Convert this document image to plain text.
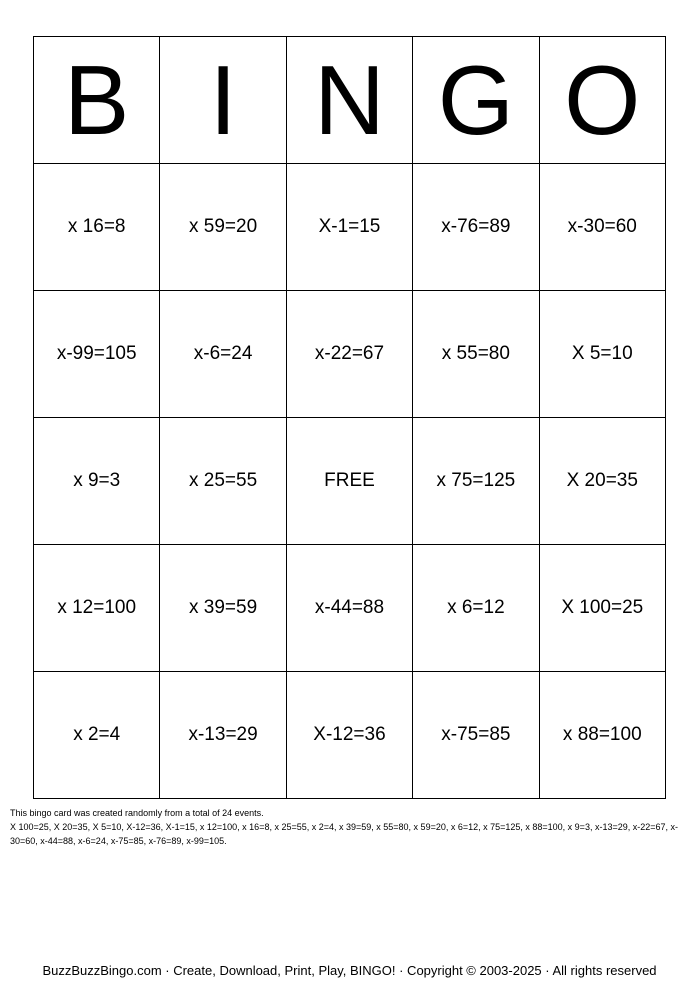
B	I	N	G	O
x 16=8	x 59=20	X-1=15	x-76=89	x-30=60
x-99=105	x-6=24	x-22=67	x 55=80	X 5=10
x 9=3	x 25=55	FREE	x 75=125	X 20=35
x 12=100	x 39=59	x-44=88	x 6=12	X 100=25
x 2=4	x-13=29	X-12=36	x-75=85	x 88=100
This bingo card was created randomly from a total of 24 events.
X 100=25, X 20=35, X 5=10, X-12=36, X-1=15, x 12=100, x 16=8, x 25=55, x 2=4, x 39=59, x 55=80, x 59=20, x 6=12, x 75=125, x 88=100, x 9=3, x-13=29, x-22=67, x-30=60, x-44=88, x-6=24, x-75=85, x-76=89, x-99=105.
BuzzBuzzBingo.com · Create, Download, Print, Play, BINGO! · Copyright © 2003-2025 · All rights reserved
